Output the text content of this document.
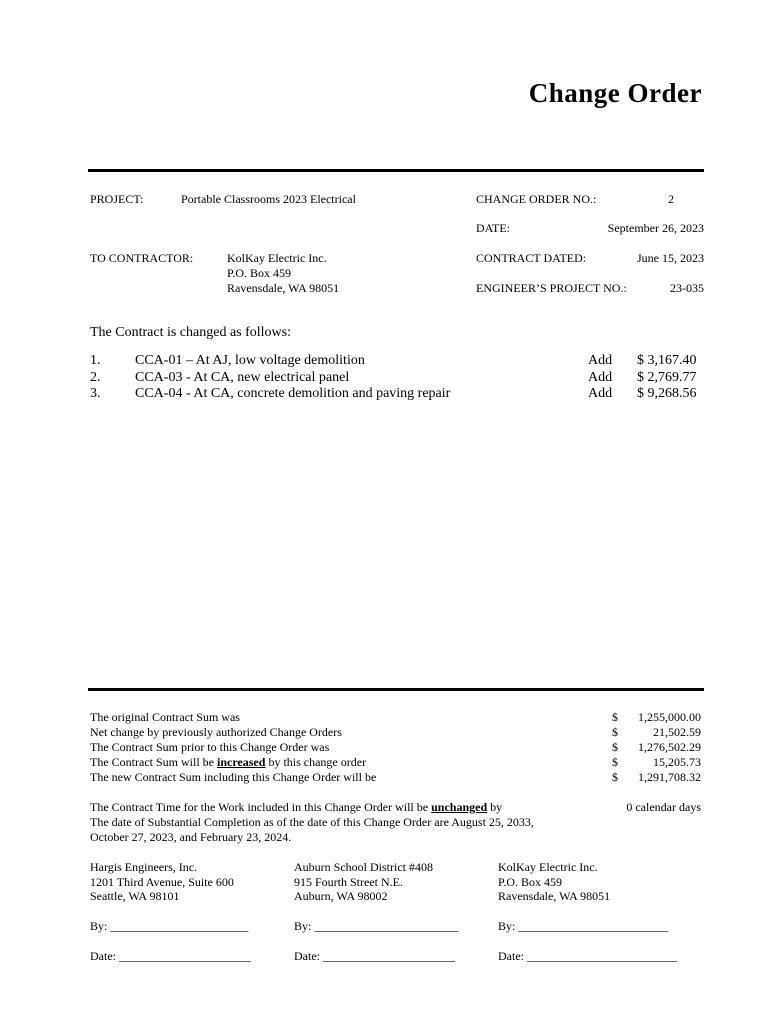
Change Order
PROJECT:	Portable Classrooms 2023 Electrical	CHANGE ORDER NO.:	2
DATE:	September 26, 2023
TO CONTRACTOR:	KolKay Electric Inc.
P.O. Box 459
Ravensdale, WA 98051
CONTRACT DATED:	June 15, 2023
ENGINEER’S PROJECT NO.:	23-035
The Contract is changed as follows:
1. CCA-01 – At AJ, low voltage demolition	Add $ 3,167.40
2. CCA-03 - At CA, new electrical panel	Add $ 2,769.77
3. CCA-04 - At CA, concrete demolition and paving repair	Add $ 9,268.56
The original Contract Sum was	$ 1,255,000.00
Net change by previously authorized Change Orders	$	21,502.59
The Contract Sum prior to this Change Order was	$ 1,276,502.29
The Contract Sum will be increased by this change order	$	15,205.73
The new Contract Sum including this Change Order will be	$ 1,291,708.32
The Contract Time for the Work included in this Change Order will be unchanged by	0 calendar days
The date of Substantial Completion as of the date of this Change Order are August 25, 2033,
October 27, 2023, and February 23, 2024.
Hargis Engineers, Inc.
1201 Third Avenue, Suite 600
Seattle, WA 98101
By: _______________________
Date: ______________________
Auburn School District #408
915 Fourth Street N.E.
Auburn, WA 98002
By: ________________________
Date: ______________________
KolKay Electric Inc.
P.O. Box 459
Ravensdale, WA 98051
By: _________________________
Date: _________________________
